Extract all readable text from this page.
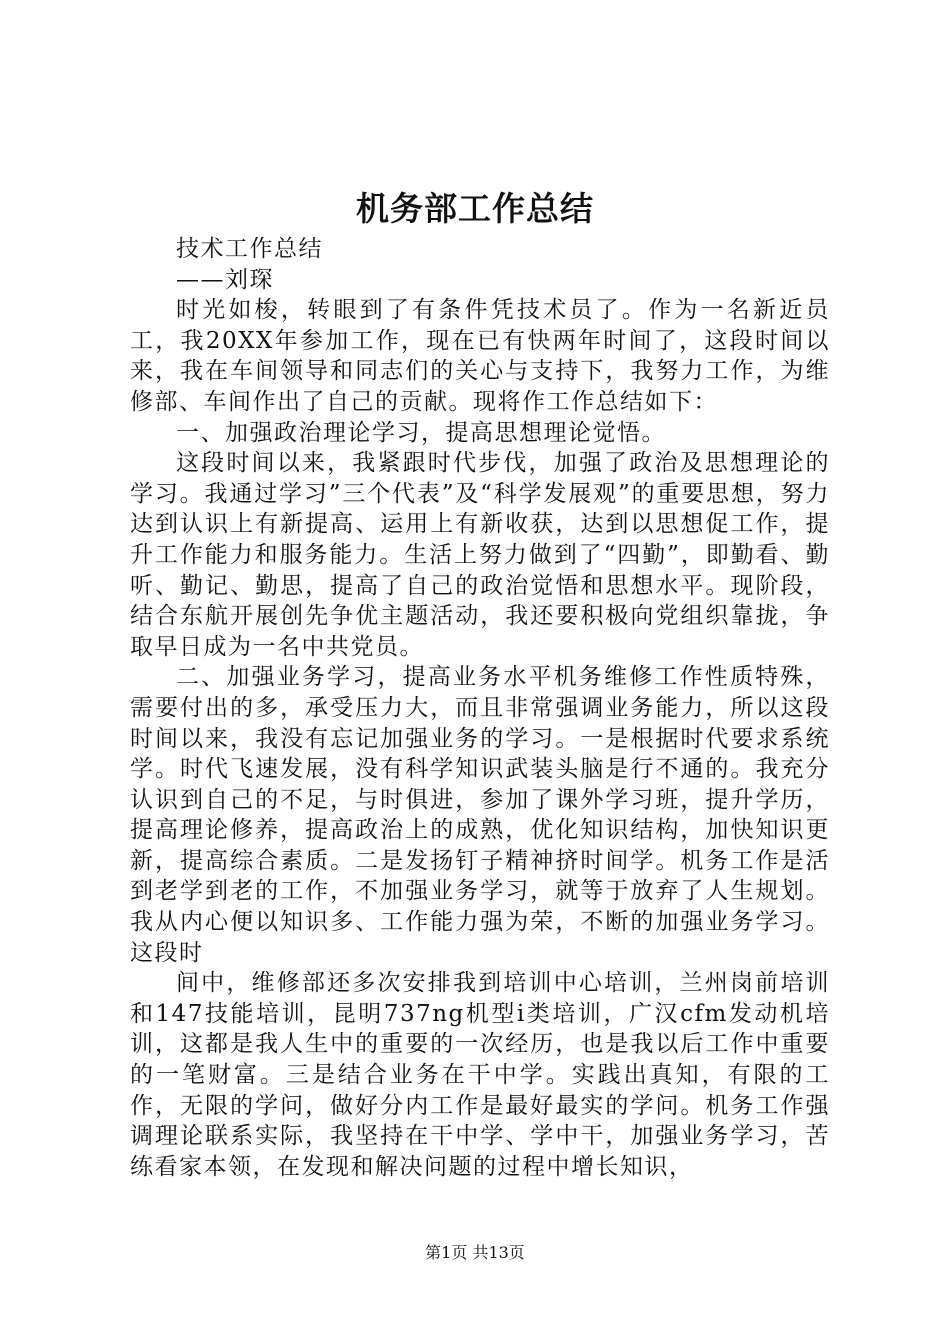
机务部工作总结

技术工作总结

——刘琛

时光如梭，转眼到了有条件凭技术员了。作为一名新近员工，我20XX年参加工作，现在已有快两年时间了，这段时间以来，我在车间领导和同志们的关心与支持下，我努力工作，为维修部、车间作出了自己的贡献。现将作工作总结如下：

一、加强政治理论学习，提高思想理论觉悟。

这段时间以来，我紧跟时代步伐，加强了政治及思想理论的学习。我通过学习”三个代表”及“科学发展观”的重要思想，努力达到认识上有新提高、运用上有新收获，达到以思想促工作，提升工作能力和服务能力。生活上努力做到了“四勤”，即勤看、勤听、勤记、勤思，提高了自己的政治觉悟和思想水平。现阶段，结合东航开展创先争优主题活动，我还要积极向党组织靠拢，争取早日成为一名中共党员。

二、加强业务学习，提高业务水平机务维修工作性质特殊，需要付出的多，承受压力大，而且非常强调业务能力，所以这段时间以来，我没有忘记加强业务的学习。一是根据时代要求系统学。时代飞速发展，没有科学知识武装头脑是行不通的。我充分认识到自己的不足，与时俱进，参加了课外学习班，提升学历，提高理论修养，提高政治上的成熟，优化知识结构，加快知识更新，提高综合素质。二是发扬钉子精神挤时间学。机务工作是活到老学到老的工作，不加强业务学习，就等于放弃了人生规划。我从内心便以知识多、工作能力强为荣，不断的加强业务学习。这段时

间中，维修部还多次安排我到培训中心培训，兰州岗前培训和147技能培训，昆明737ng机型ⅰ类培训，广汉cfm发动机培训，这都是我人生中的重要的一次经历，也是我以后工作中重要的一笔财富。三是结合业务在干中学。实践出真知，有限的工作，无限的学问，做好分内工作是最好最实的学问。机务工作强调理论联系实际，我坚持在干中学、学中干，加强业务学习，苦练看家本领，在发现和解决问题的过程中增长知识，

第1页 共13页
